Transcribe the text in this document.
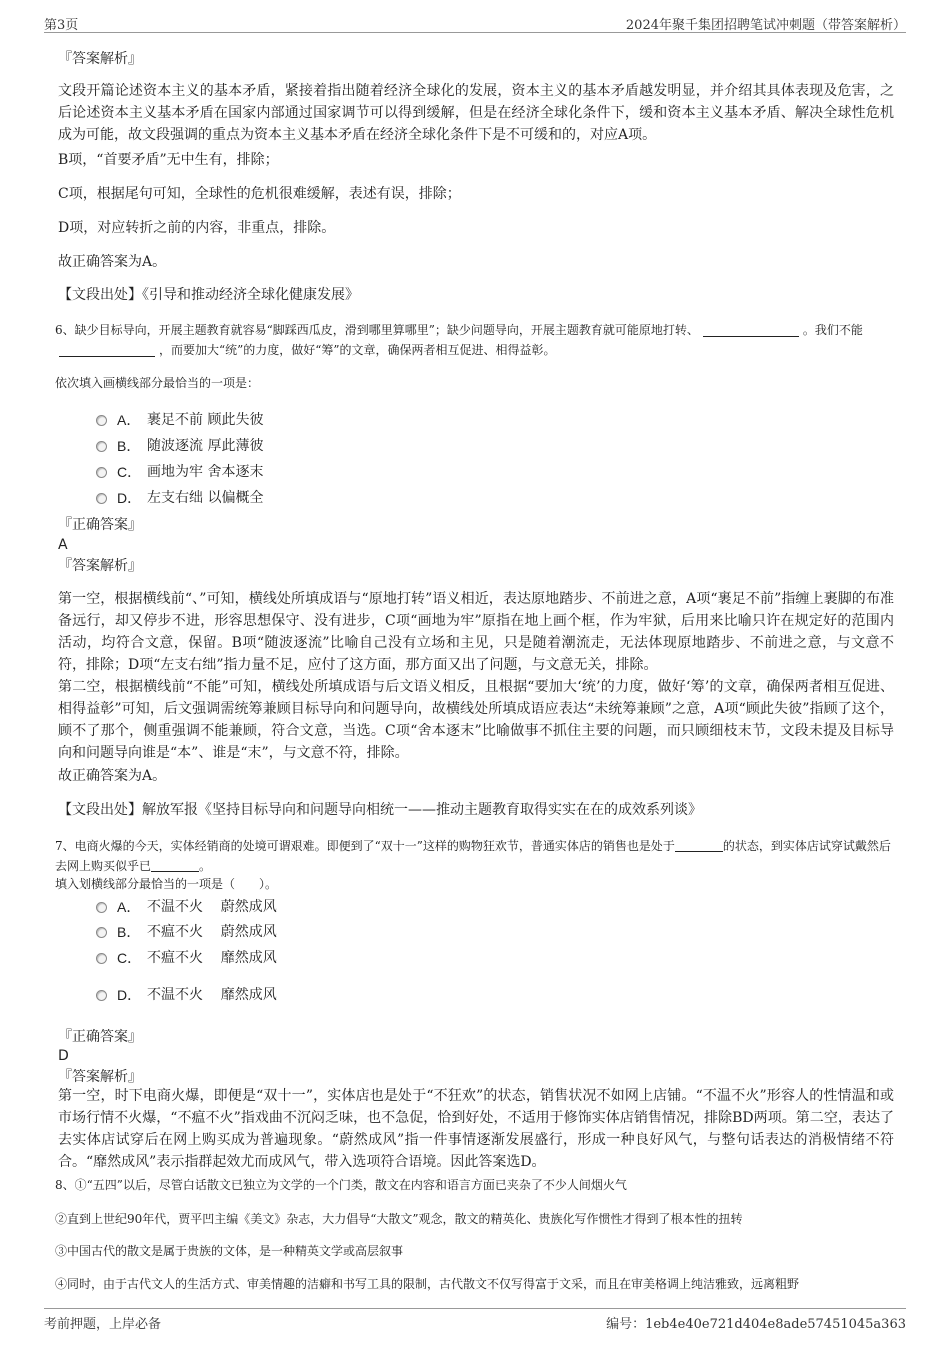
第3页	2024年聚千集团招聘笔试冲刺题（带答案解析）
『答案解析』
文段开篇论述资本主义的基本矛盾，紧接着指出随着经济全球化的发展，资本主义的基本矛盾越发明显，并介绍其具体表现及危害，之后论述资本主义基本矛盾在国家内部通过国家调节可以得到缓解，但是在经济全球化条件下，缓和资本主义基本矛盾、解决全球性危机成为可能，故文段强调的重点为资本主义基本矛盾在经济全球化条件下是不可缓和的，对应A项。
B项，“首要矛盾”无中生有，排除；
C项，根据尾句可知，全球性的危机很难缓解，表述有误，排除；
D项，对应转折之前的内容，非重点，排除。
故正确答案为A。
【文段出处】《引导和推动经济全球化健康发展》
6、缺少目标导向，开展主题教育就容易“脚踩西瓜皮，滑到哪里算哪里”；缺少问题导向，开展主题教育就可能原地打转、	。我们不能，而要加大“统”的力度，做好“筹”的文章，确保两者相互促进、相得益彰。
依次填入画横线部分最恰当的一项是：
A． 裹足不前 顾此失彼
B． 随波逐流 厚此薄彼
C． 画地为牢 舍本逐末
D． 左支右绌 以偏概全
『正确答案』
A
『答案解析』
第一空，根据横线前“、”可知，横线处所填成语与“原地打转”语义相近，表达原地踏步、不前进之意，A项“裹足不前”指缠上裹脚的布准备远行，却又停步不进，形容思想保守、没有进步，C项“画地为牢”原指在地上画个框，作为牢狱，后用来比喻只许在规定好的范围内活动，均符合文意，保留。B项“随波逐流”比喻自己没有立场和主见，只是随着潮流走，无法体现原地踏步、不前进之意，与文意不符，排除；D项“左支右绌”指力量不足，应付了这方面，那方面又出了问题，与文意无关，排除。
第二空，根据横线前“不能”可知，横线处所填成语与后文语义相反，且根据“要加大‘统’的力度，做好‘筹’的文章，确保两者相互促进、相得益彰”可知，后文强调需统筹兼顾目标导向和问题导向，故横线处所填成语应表达“未统筹兼顾”之意，A项“顾此失彼”指顾了这个，顾不了那个，侧重强调不能兼顾，符合文意，当选。C项“舍本逐末”比喻做事不抓住主要的问题，而只顾细枝末节，文段未提及目标导向和问题导向谁是“本”、谁是“末”，与文意不符，排除。
故正确答案为A。
【文段出处】解放军报《坚持目标导向和问题导向相统一——推动主题教育取得实实在在的成效系列谈》
7、电商火爆的今天，实体经销商的处境可谓艰难。即便到了“双十一”这样的购物狂欢节，普通实体店的销售也是处于	的状态，到实体店试穿试戴然后去网上购买似乎已	。
填入划横线部分最恰当的一项是（　　）。
A． 不温不火    蔚然成风
B． 不瘟不火    蔚然成风
C． 不瘟不火    靡然成风
D． 不温不火    靡然成风
『正确答案』
D
『答案解析』
第一空，时下电商火爆，即便是“双十一”，实体店也是处于“不狂欢”的状态，销售状况不如网上店铺。“不温不火”形容人的性情温和或市场行情不火爆，“不瘟不火”指戏曲不沉闷乏味，也不急促，恰到好处，不适用于修饰实体店销售情况，排除BD两项。第二空，表达了去实体店试穿后在网上购买成为普遍现象。“蔚然成风”指一件事情逐渐发展盛行，形成一种良好风气，与整句话表达的消极情绪不符合。“靡然成风”表示指群起效尤而成风气，带入选项符合语境。因此答案选D。
8、①“五四”以后，尽管白话散文已独立为文学的一个门类，散文在内容和语言方面已夹杂了不少人间烟火气
②直到上世纪90年代，贾平凹主编《美文》杂志，大力倡导“大散文”观念，散文的精英化、贵族化写作惯性才得到了根本性的扭转
③中国古代的散文是属于贵族的文体，是一种精英文学或高层叙事
④同时，由于古代文人的生活方式、审美情趣的洁癖和书写工具的限制，古代散文不仅写得富于文采，而且在审美格调上纯洁雅致，远离粗野
考前押题，上岸必备	编号：1eb4e40e721d404e8ade57451045a363
